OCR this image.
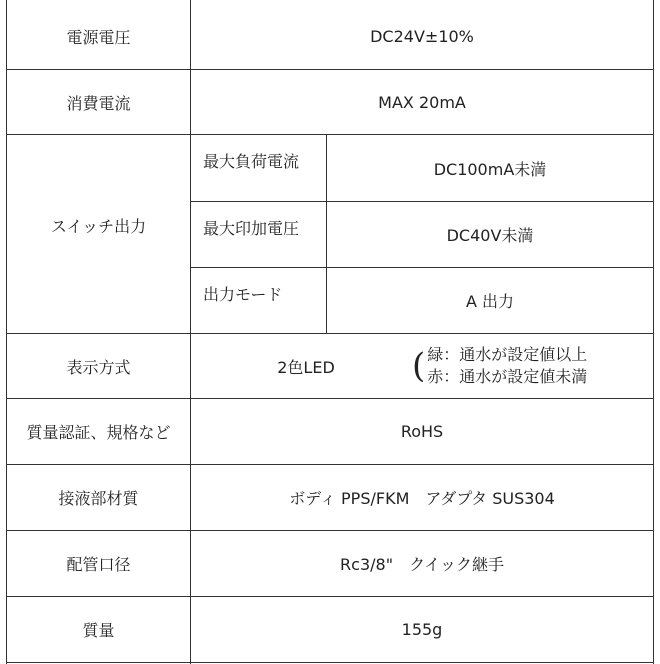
電源電圧	DC24V±10%
消費電流	MAX 20mA
スイッチ出力
最大負荷電流	DC100mA未満
最大印加電圧	DC40V未満
出力モード	A 出力
表示方式	2色LED	( 緑：通水が設定値以上
赤：通水が設定値未満
質量認証、規格など	RoHS
接液部材質	ボディ PPS/FKM　アダプタ SUS304
配管口径	Rc3/8"　クイック継手
質量	155g
